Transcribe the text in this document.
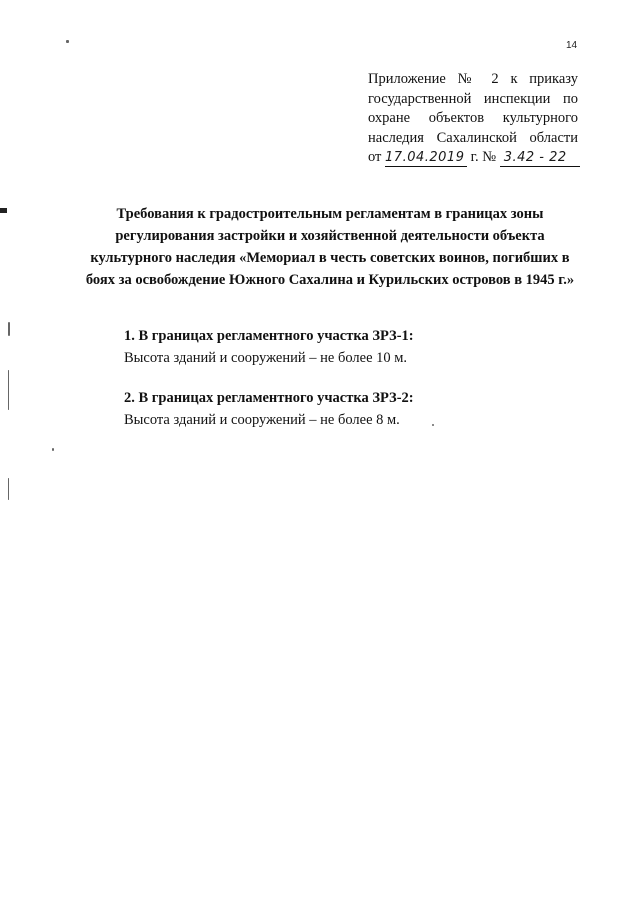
14
Приложение № 2 к приказу
государственной инспекции по
охране объектов культурного
наследия Сахалинской области
от 17.04.2019 г. № 3.42 - 22
Требования к градостроительным регламентам в границах зоны регулирования застройки и хозяйственной деятельности объекта культурного наследия «Мемориал в честь советских воинов, погибших в боях за освобождение Южного Сахалина и Курильских островов в 1945 г.»
1. В границах регламентного участка ЗРЗ-1:
Высота зданий и сооружений – не более 10 м.
2. В границах регламентного участка ЗРЗ-2:
Высота зданий и сооружений – не более 8 м.
